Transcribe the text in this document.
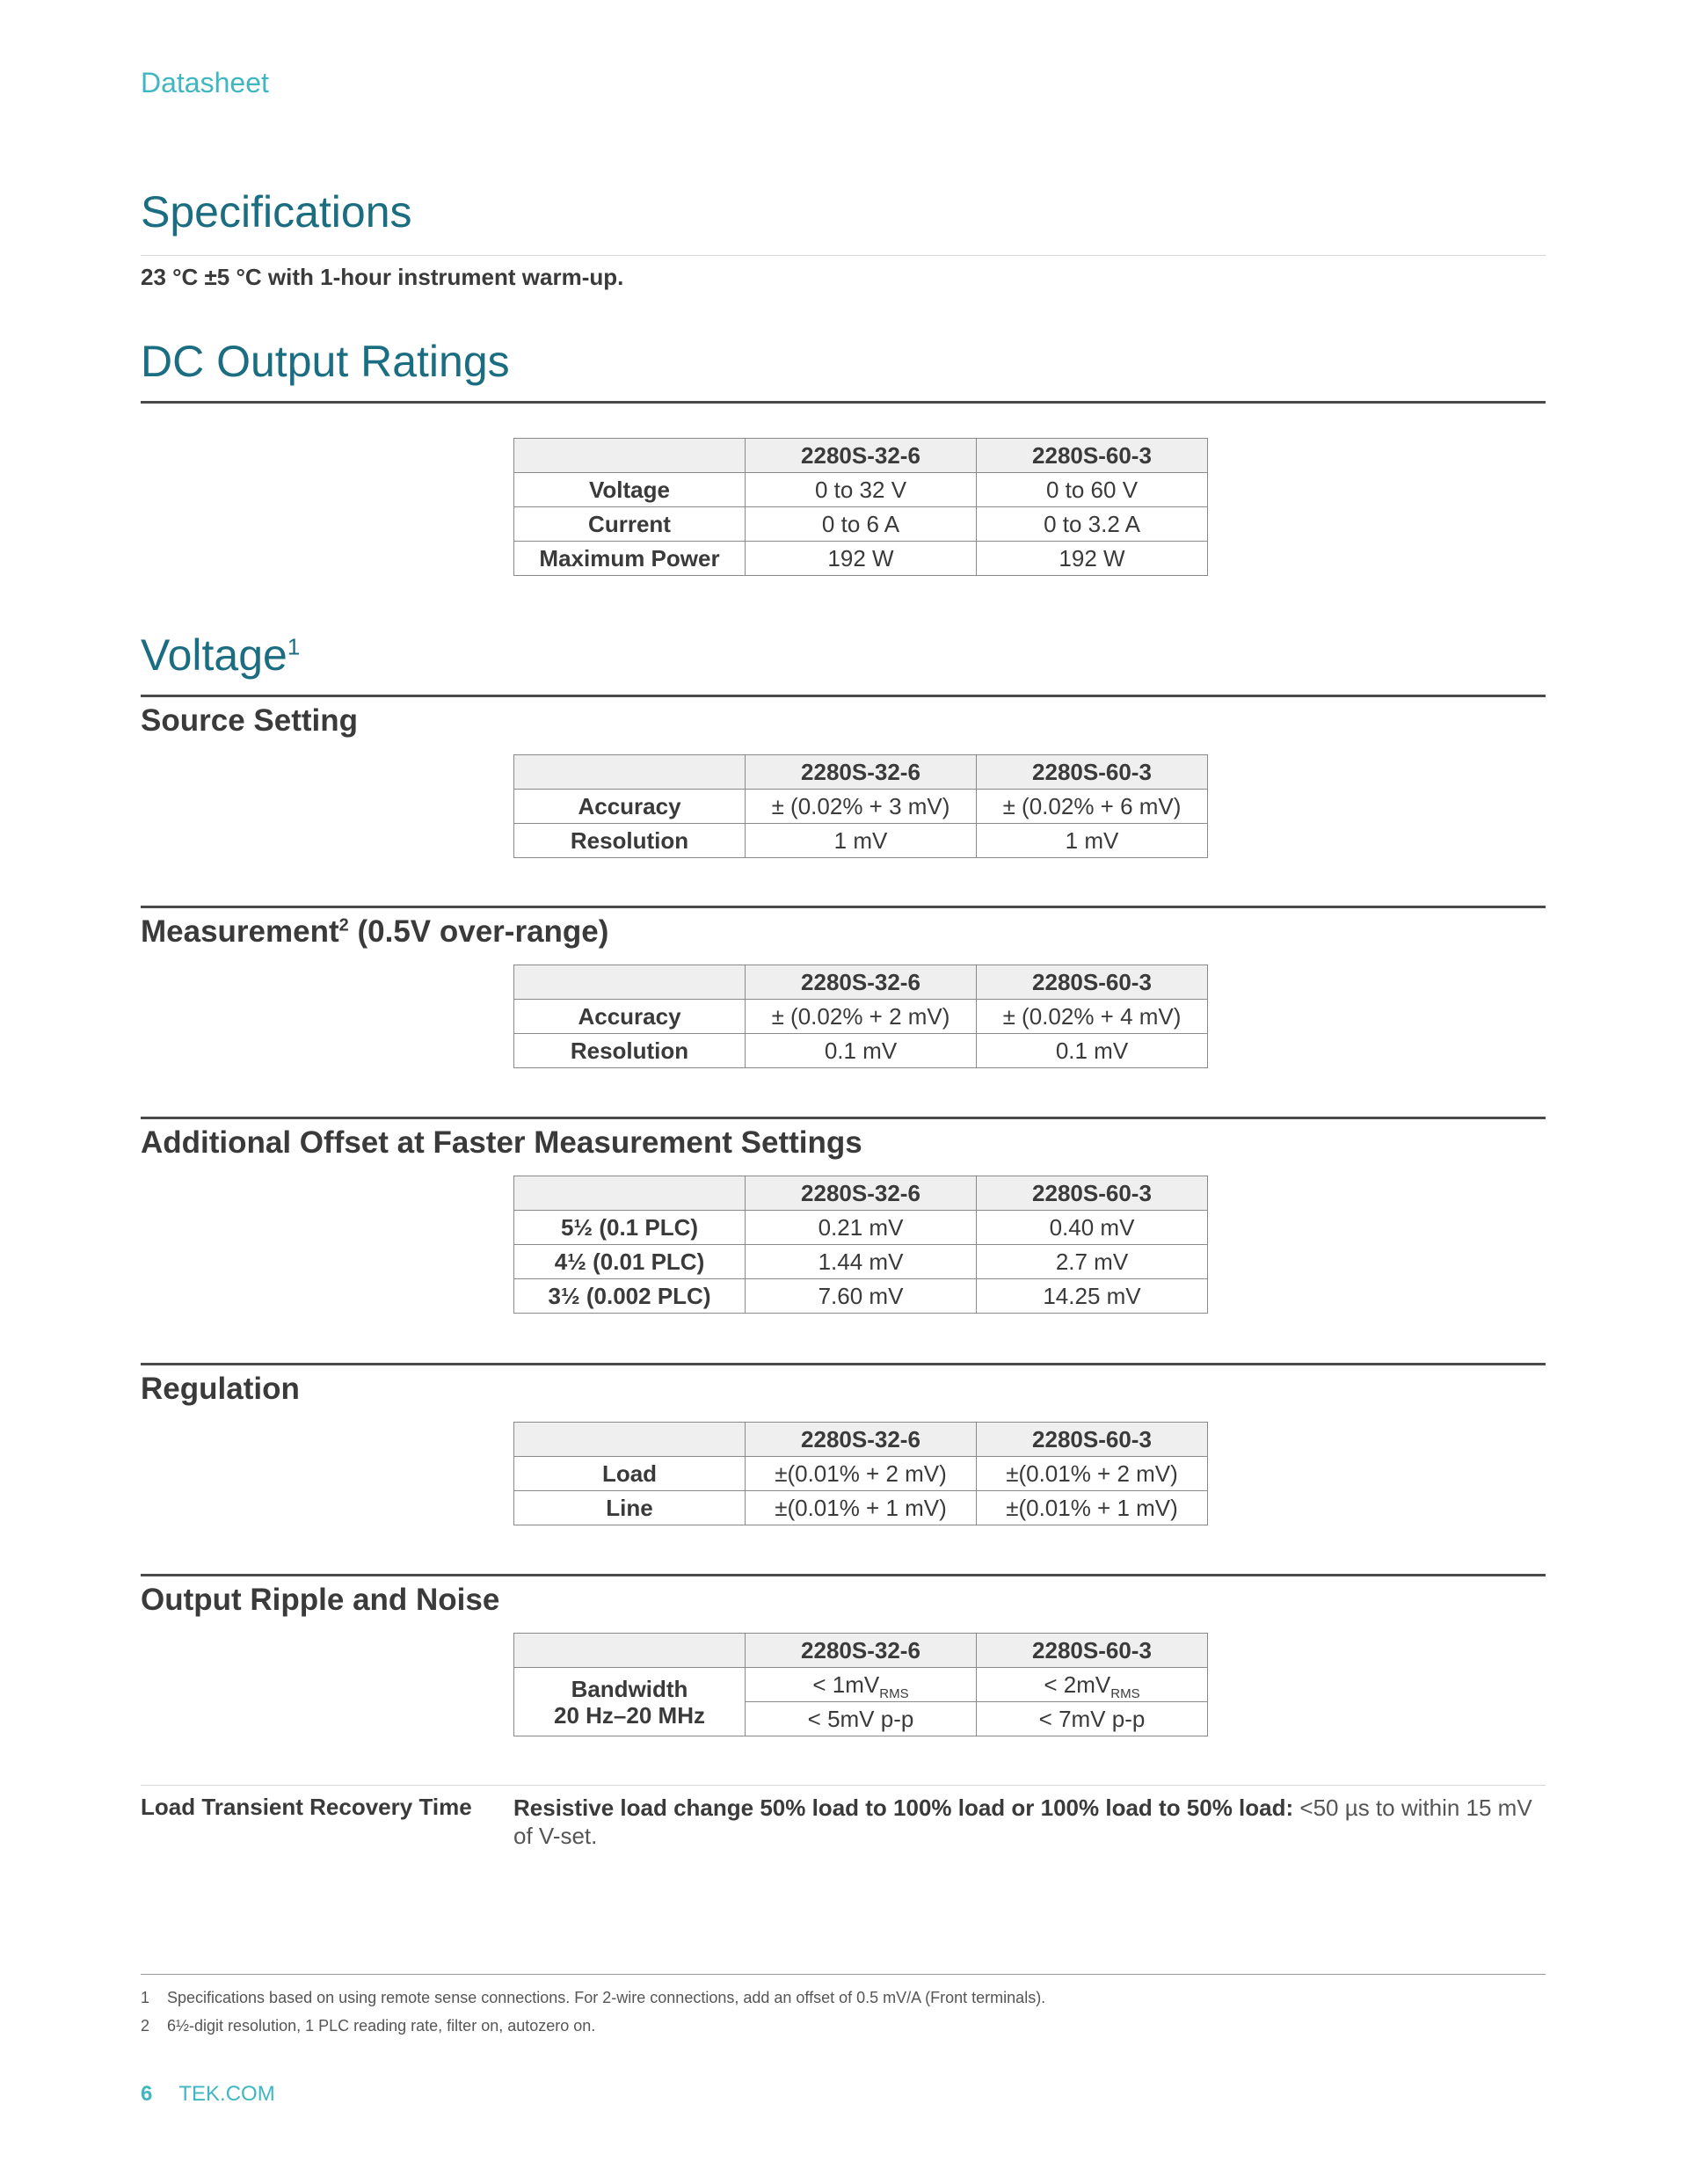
Datasheet
Specifications
23 °C ±5 °C with 1-hour instrument warm-up.
DC Output Ratings
	2280S-32-6	2280S-60-3
Voltage	0 to 32 V	0 to 60 V
Current	0 to 6 A	0 to 3.2 A
Maximum Power	192 W	192 W
Voltage$^1$
Source Setting
	2280S-32-6	2280S-60-3
Accuracy	± (0.02% + 3 mV)	± (0.02% + 6 mV)
Resolution	1 mV	1 mV
Measurement$^2$ (0.5V over-range)
	2280S-32-6	2280S-60-3
Accuracy	± (0.02% + 2 mV)	± (0.02% + 4 mV)
Resolution	0.1 mV	0.1 mV
Additional Offset at Faster Measurement Settings
	2280S-32-6	2280S-60-3
5½ (0.1 PLC)	0.21 mV	0.40 mV
4½ (0.01 PLC)	1.44 mV	2.7 mV
3½ (0.002 PLC)	7.60 mV	14.25 mV
Regulation
	2280S-32-6	2280S-60-3
Load	±(0.01% + 2 mV)	±(0.01% + 2 mV)
Line	±(0.01% + 1 mV)	±(0.01% + 1 mV)
Output Ripple and Noise
	2280S-32-6	2280S-60-3

Bandwidth
20 Hz–20 MHz	< $1mV_{RMS}$	< $2mV_{RMS}$
	< 5mV p-p	< 7mV p-p
Load Transient Recovery Time Resistive load change 50% load to 100% load or 100% load to 50% load: <50 µs to within 15 mV of V-set.
1 Specifications based on using remote sense connections. For 2-wire connections, add an offset of 0.5 mV/A (Front terminals).
2 6½-digit resolution, 1 PLC reading rate, filter on, autozero on.
6 TEK.COM
